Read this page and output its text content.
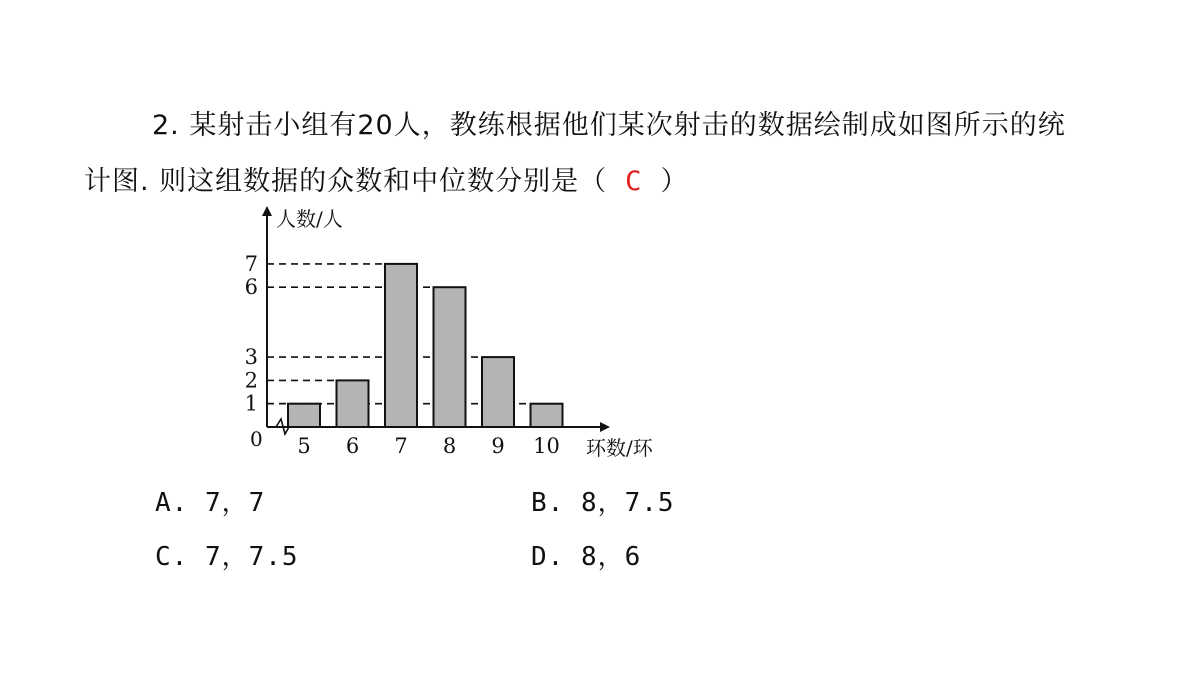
2. 某射击小组有20人，教练根据他们某次射击的数据绘制成如图所示的统
计图. 则这组数据的众数和中位数分别是（ C ）
人数/人
环数/环
0 5 6 7 8 9 10
1
2
3
6
7
A. 7，7	B. 8，7.5
C. 7，7.5	D. 8，6
